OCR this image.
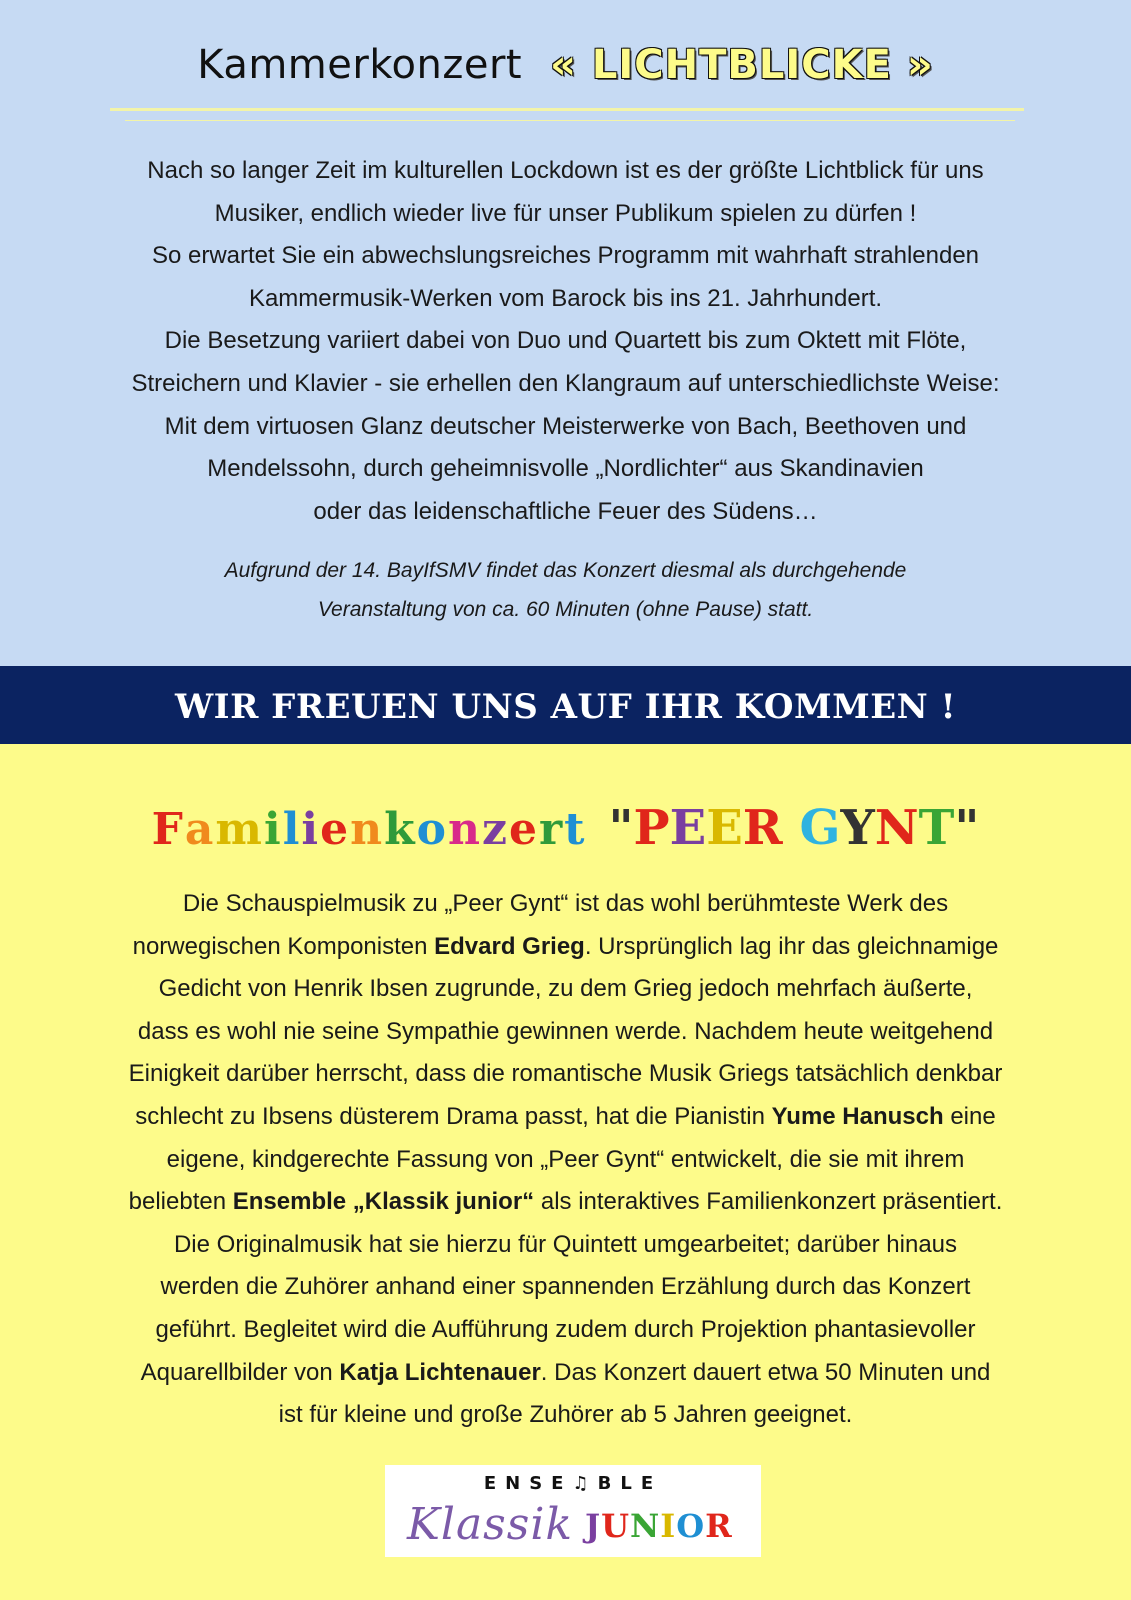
Kammerkonzert « LICHTBLICKE »
Nach so langer Zeit im kulturellen Lockdown ist es der größte Lichtblick für uns
Musiker, endlich wieder live für unser Publikum spielen zu dürfen !
So erwartet Sie ein abwechslungsreiches Programm mit wahrhaft strahlenden
Kammermusik-Werken vom Barock bis ins 21. Jahrhundert.
Die Besetzung variiert dabei von Duo und Quartett bis zum Oktett mit Flöte,
Streichern und Klavier - sie erhellen den Klangraum auf unterschiedlichste Weise:
Mit dem virtuosen Glanz deutscher Meisterwerke von Bach, Beethoven und
Mendelssohn, durch geheimnisvolle „Nordlichter“ aus Skandinavien
oder das leidenschaftliche Feuer des Südens…
Aufgrund der 14. BayIfSMV findet das Konzert diesmal als durchgehende
Veranstaltung von ca. 60 Minuten (ohne Pause) statt.
WIR FREUEN UNS AUF IHR KOMMEN !
Familienkonzert "PEER GYNT"
Die Schauspielmusik zu „Peer Gynt“ ist das wohl berühmteste Werk des
norwegischen Komponisten Edvard Grieg. Ursprünglich lag ihr das gleichnamige
Gedicht von Henrik Ibsen zugrunde, zu dem Grieg jedoch mehrfach äußerte,
dass es wohl nie seine Sympathie gewinnen werde. Nachdem heute weitgehend
Einigkeit darüber herrscht, dass die romantische Musik Griegs tatsächlich denkbar
schlecht zu Ibsens düsterem Drama passt, hat die Pianistin Yume Hanusch eine
eigene, kindgerechte Fassung von „Peer Gynt“ entwickelt, die sie mit ihrem
beliebten Ensemble „Klassik junior“ als interaktives Familienkonzert präsentiert.
Die Originalmusik hat sie hierzu für Quintett umgearbeitet; darüber hinaus
werden die Zuhörer anhand einer spannenden Erzählung durch das Konzert
geführt. Begleitet wird die Aufführung zudem durch Projektion phantasievoller
Aquarellbilder von Katja Lichtenauer. Das Konzert dauert etwa 50 Minuten und
ist für kleine und große Zuhörer ab 5 Jahren geeignet.
ENSE♫BLE
Klassik JUNIOR
